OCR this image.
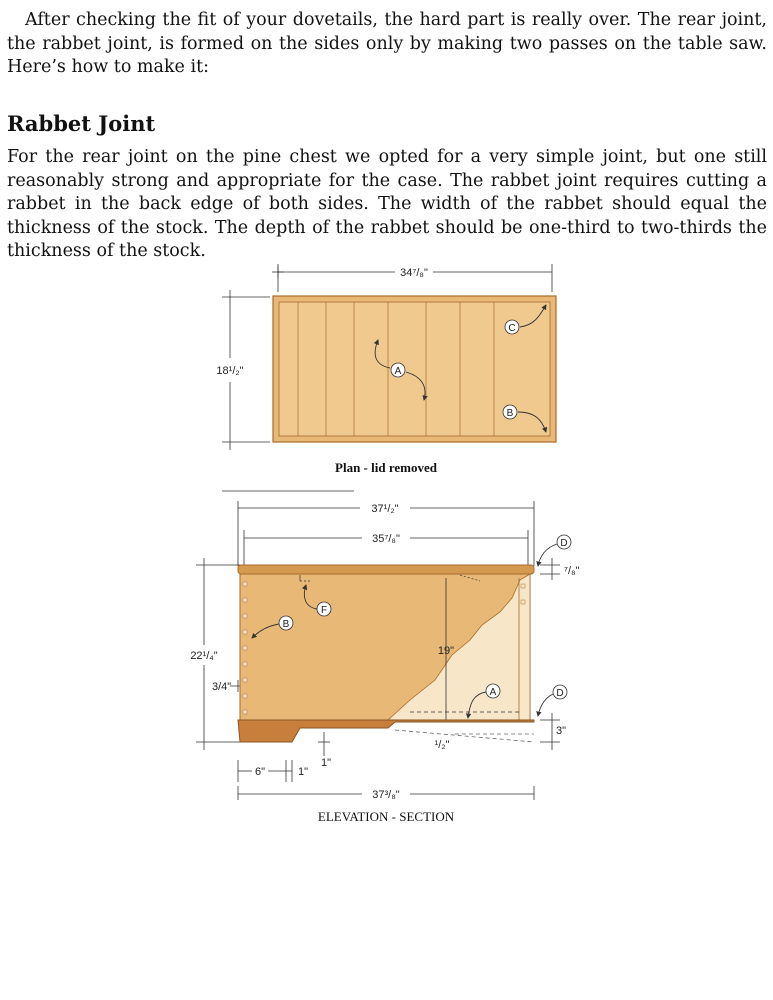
After checking the fit of your dovetails, the hard part is really over. The rear joint, the rabbet joint, is formed on the sides only by making two passes on the table saw. Here’s how to make it:

Rabbet Joint

For the rear joint on the pine chest we opted for a very simple joint, but one still reasonably strong and appropriate for the case. The rabbet joint requires cutting a rabbet in the back edge of both sides. The width of the rabbet should equal the thickness of the stock. The depth of the rabbet should be one-third to two-thirds the thickness of the stock.

34⁷/₈"
18¹/₂"	A
C
B
Plan - lid removed
37¹/₂"
35⁷/₈"
22¹/₄"
3/4"
19"
¹/₂"
⁷/₈"
3"
D
D
F
B
A
1"
6"	1"
37³/₈"
ELEVATION - SECTION
